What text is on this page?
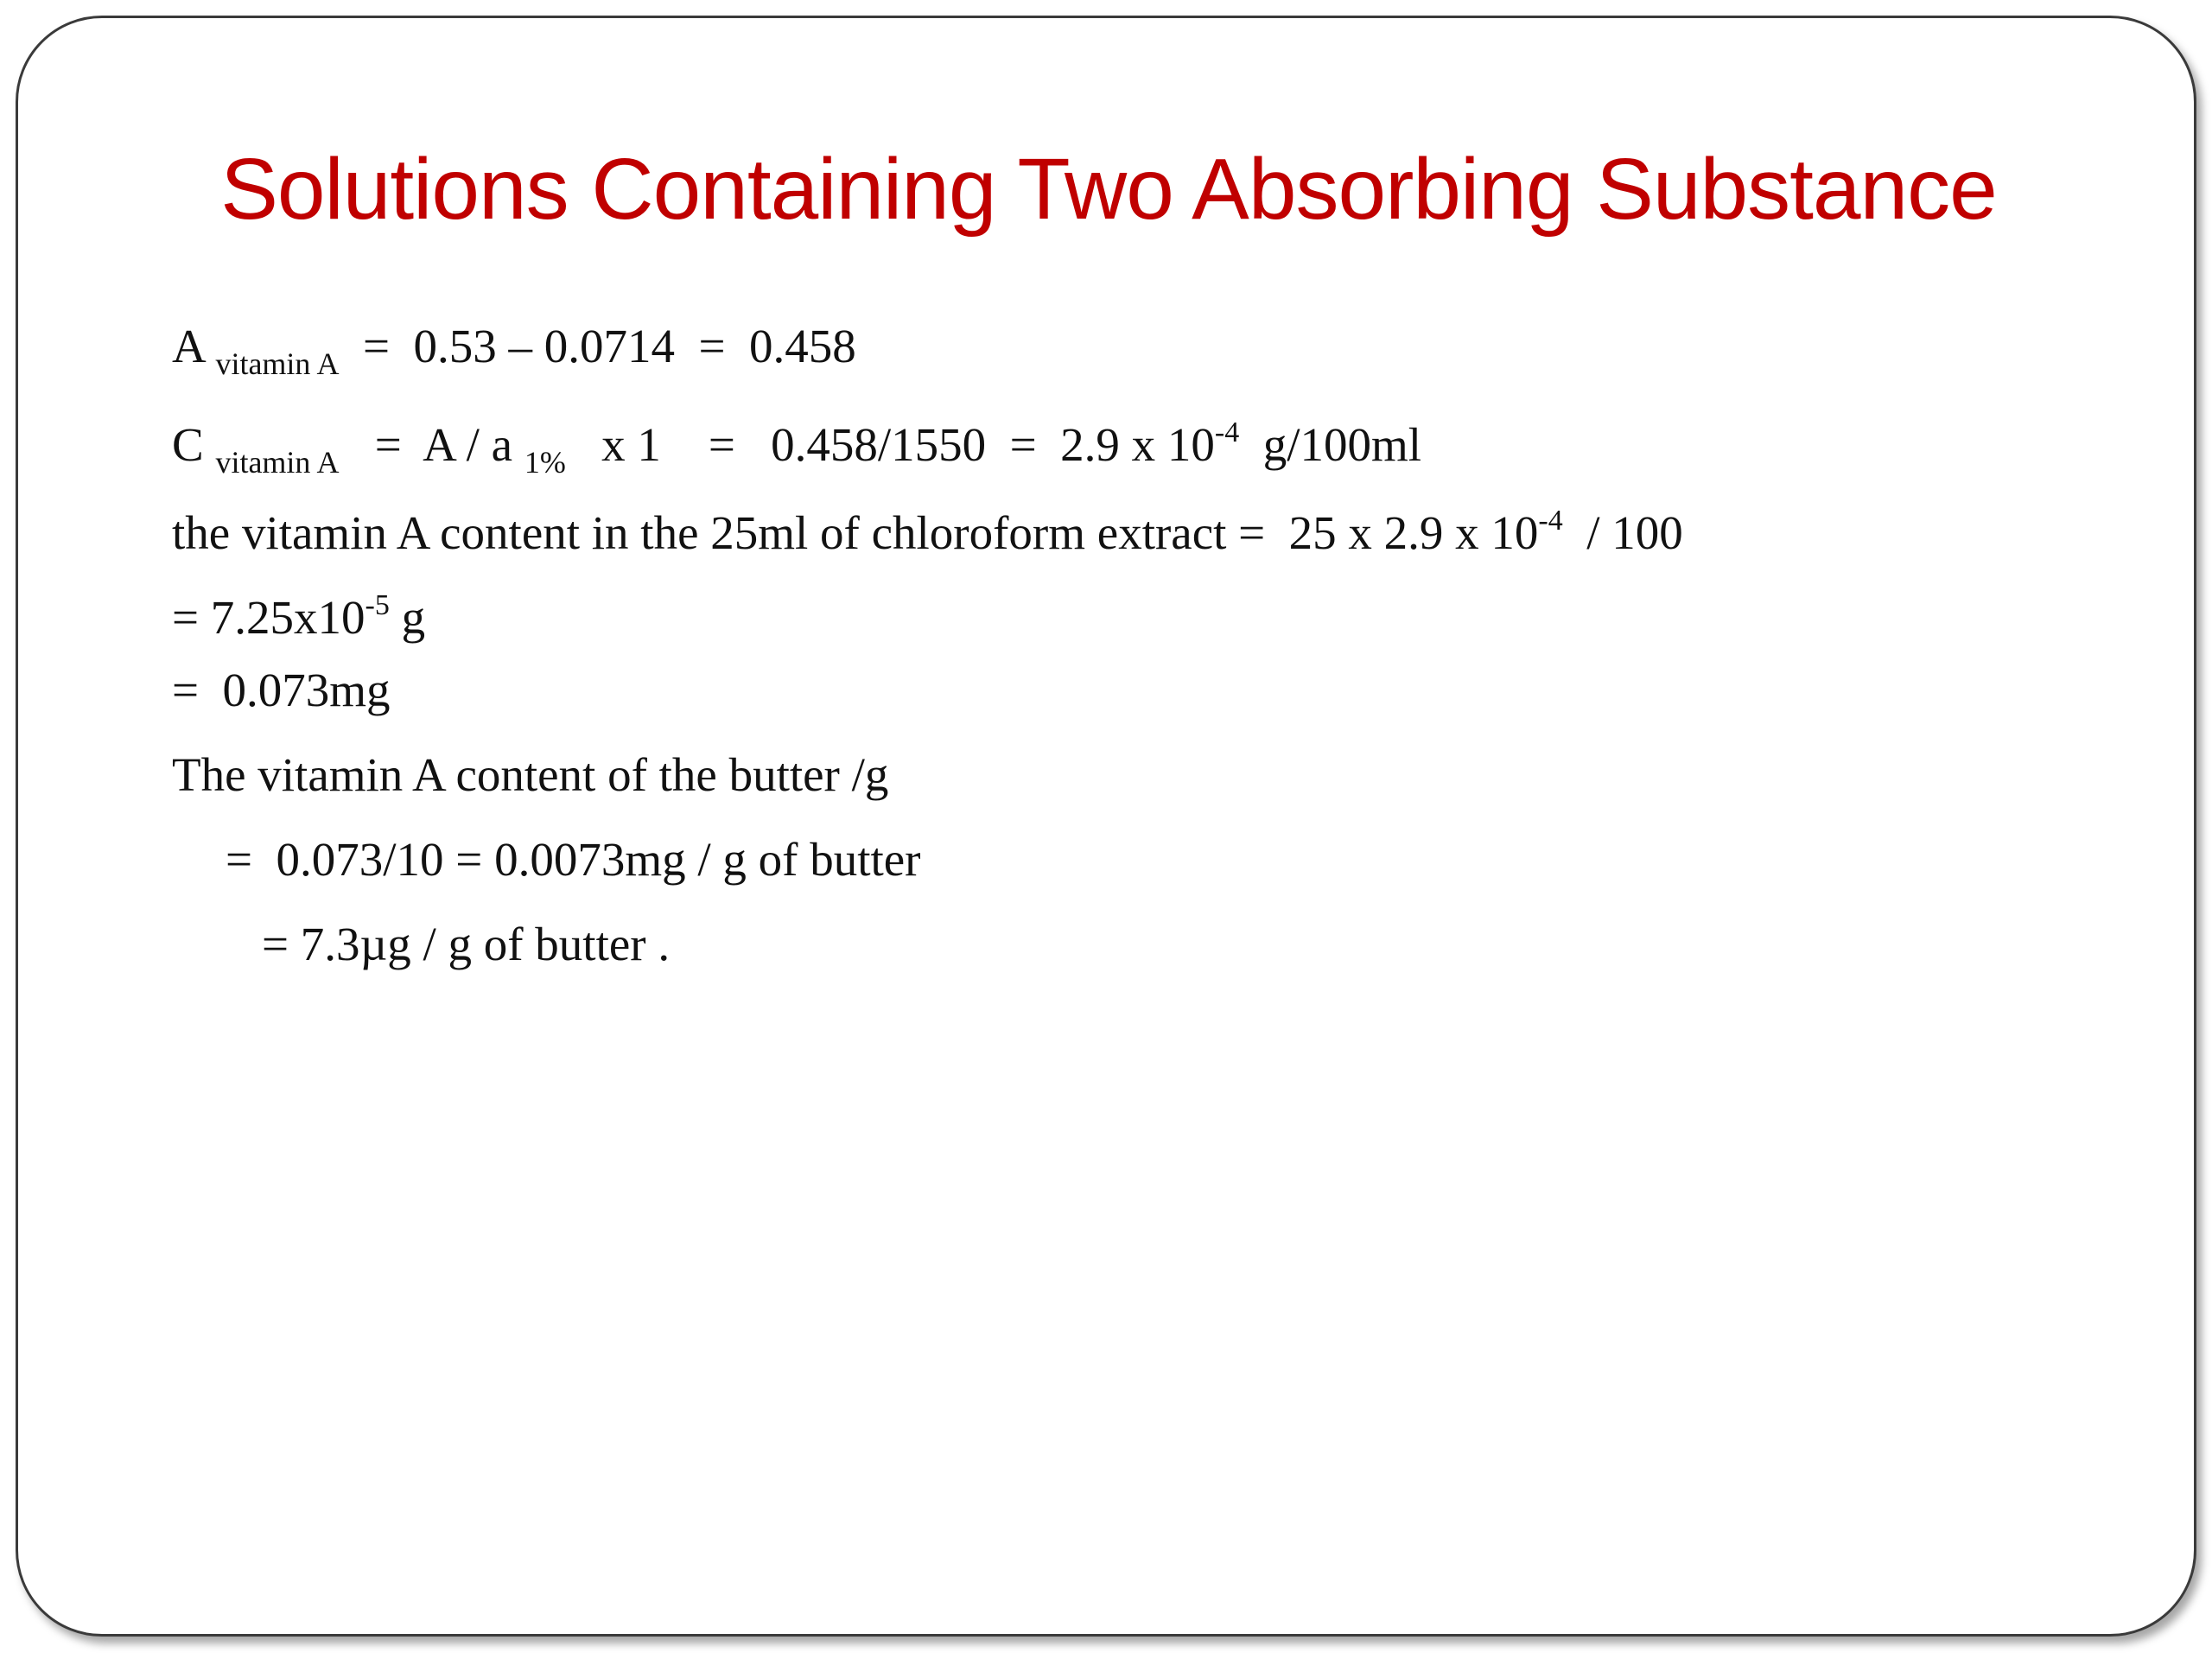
Solutions Containing Two Absorbing Substance

A $_{vitamin A}$  =  0.53 – 0.0714  =  0.458

C $_{vitamin A}$   =  A / a $_{1\%}$   x 1    =   0.458/1550  =  2.9 x $10^{-4}$  g/100ml

the vitamin A content in the 25ml of chloroform extract =  25 x 2.9 x $10^{-4} / 100$

= $7.25x10^{-5}$ g

=  0.073mg

The vitamin A content of the butter /g

=  0.073/10 = 0.0073mg / g of butter

= 7.3µg / g of butter .
